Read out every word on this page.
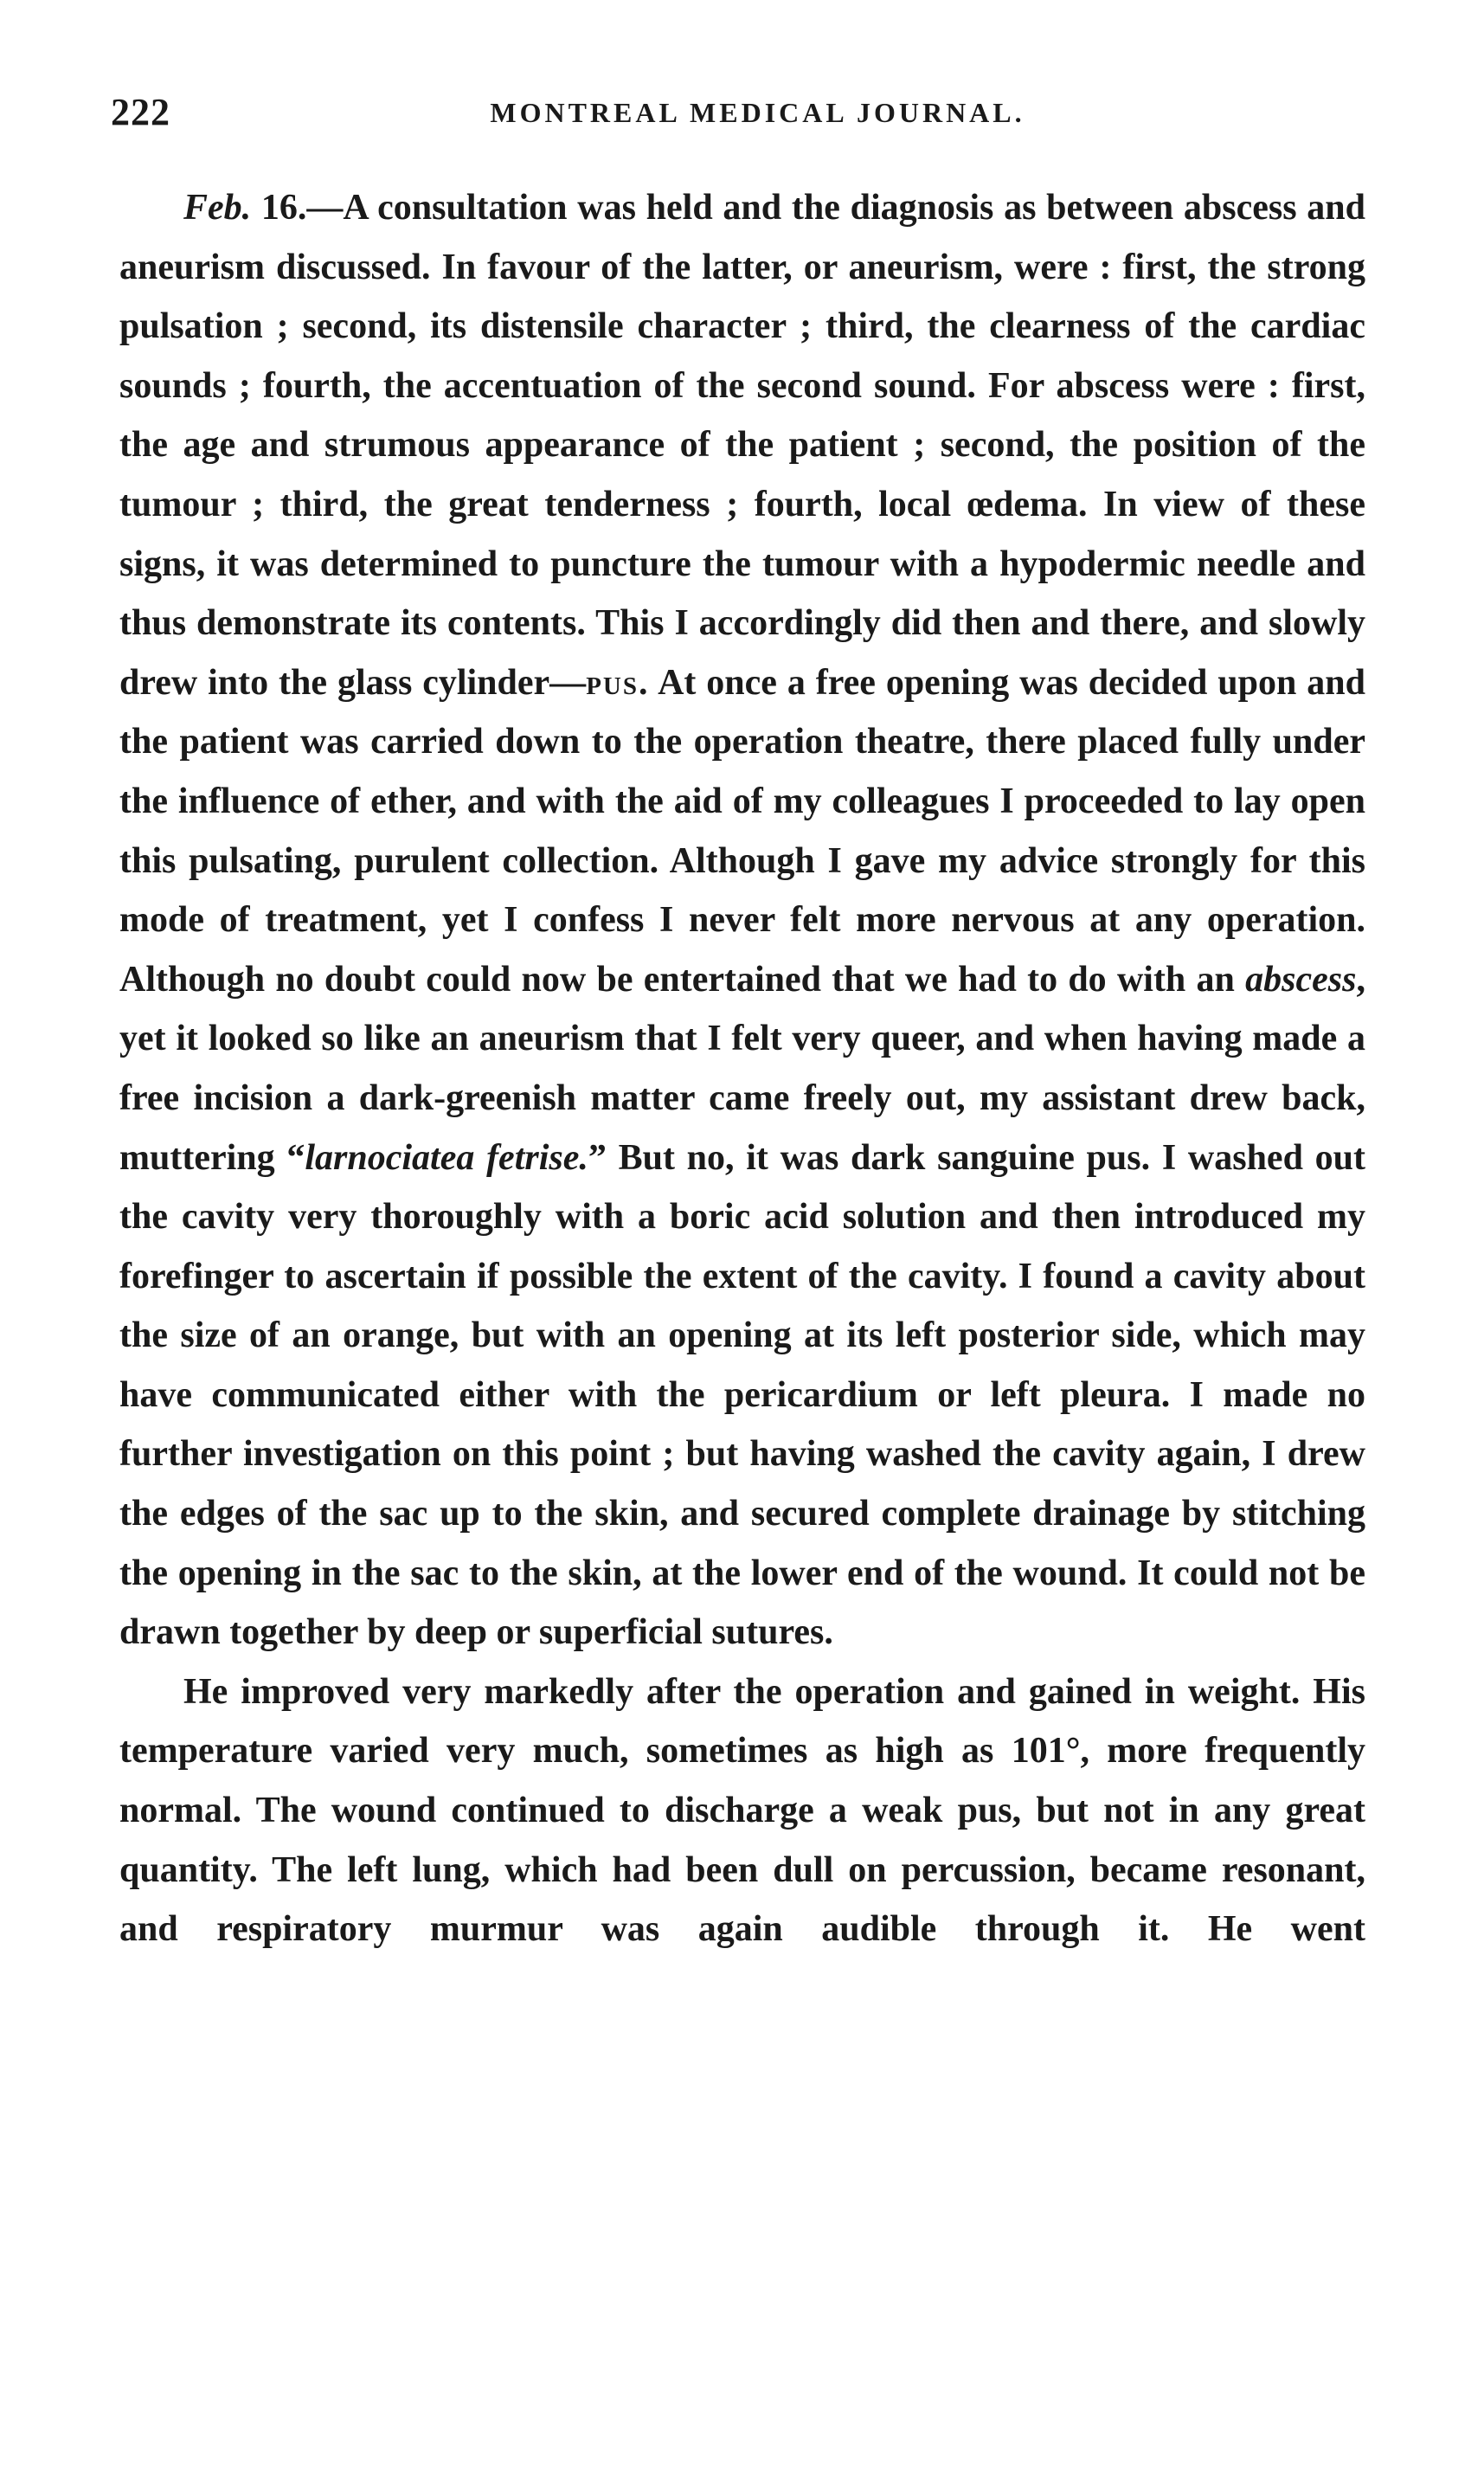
222	MONTREAL MEDICAL JOURNAL.

Feb. 16.—A consultation was held and the diagnosis as between abscess and aneurism discussed. In favour of the latter, or aneurism, were : first, the strong pulsation ; second, its distensile character ; third, the clearness of the cardiac sounds ; fourth, the accentuation of the second sound. For abscess were : first, the age and strumous appearance of the patient ; second, the position of the tumour ; third, the great tenderness ; fourth, local œdema. In view of these signs, it was determined to puncture the tumour with a hypodermic needle and thus demonstrate its contents. This I accordingly did then and there, and slowly drew into the glass cylinder—pus. At once a free opening was decided upon and the patient was carried down to the operation theatre, there placed fully under the influence of ether, and with the aid of my colleagues I proceeded to lay open this pulsating, purulent collection. Although I gave my advice strongly for this mode of treatment, yet I confess I never felt more nervous at any operation. Although no doubt could now be entertained that we had to do with an abscess, yet it looked so like an aneurism that I felt very queer, and when having made a free incision a dark-greenish matter came freely out, my assistant drew back, muttering “larnociatea fetrise.” But no, it was dark sanguine pus. I washed out the cavity very thoroughly with a boric acid solution and then introduced my forefinger to ascertain if possible the extent of the cavity. I found a cavity about the size of an orange, but with an opening at its left posterior side, which may have communicated either with the pericardium or left pleura. I made no further investigation on this point ; but having washed the cavity again, I drew the edges of the sac up to the skin, and secured complete drainage by stitching the opening in the sac to the skin, at the lower end of the wound. It could not be drawn together by deep or superficial sutures.

He improved very markedly after the operation and gained in weight. His temperature varied very much, sometimes as high as 101°, more frequently normal. The wound continued to discharge a weak pus, but not in any great quantity. The left lung, which had been dull on percussion, became resonant, and respiratory murmur was again audible through it. He went
